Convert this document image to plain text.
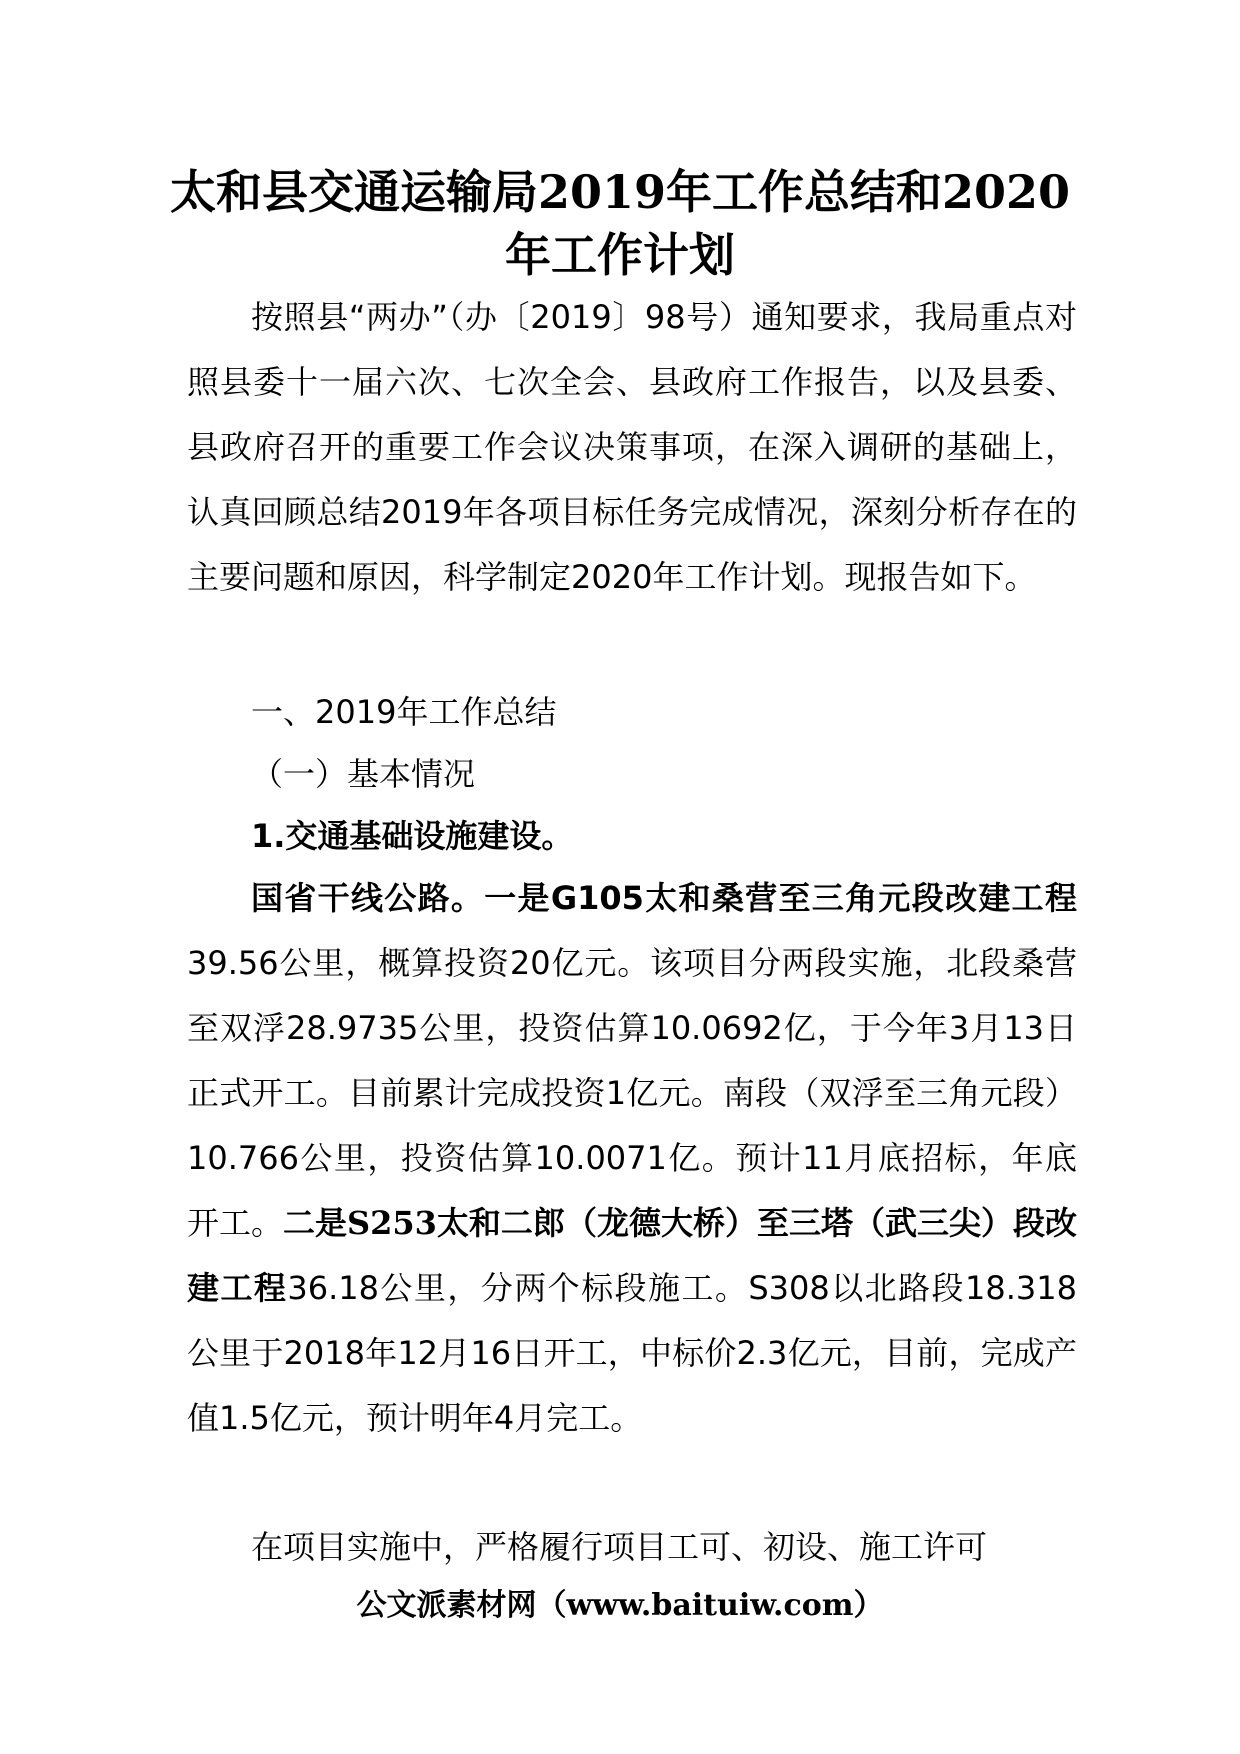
太和县交通运输局2019年工作总结和2020
年工作计划

按照县“两办”（办〔2019〕98号）通知要求，我局重点对照县委十一届六次、七次全会、县政府工作报告，以及县委、县政府召开的重要工作会议决策事项，在深入调研的基础上，认真回顾总结2019年各项目标任务完成情况，深刻分析存在的主要问题和原因，科学制定2020年工作计划。现报告如下。

一、2019年工作总结

（一）基本情况

1.交通基础设施建设。

国省干线公路。一是G105太和桑营至三角元段改建工程39.56公里，概算投资20亿元。该项目分两段实施，北段桑营至双浮28.9735公里，投资估算10.0692亿，于今年3月13日正式开工。目前累计完成投资1亿元。南段（双浮至三角元段）10.766公里，投资估算10.0071亿。预计11月底招标，年底开工。二是S253太和二郎（龙德大桥）至三塔（武三尖）段改建工程36.18公里，分两个标段施工。S308以北路段18.318公里于2018年12月16日开工，中标价2.3亿元，目前，完成产值1.5亿元，预计明年4月完工。

在项目实施中，严格履行项目工可、初设、施工许可

公文派素材网（www.baituiw.com）
